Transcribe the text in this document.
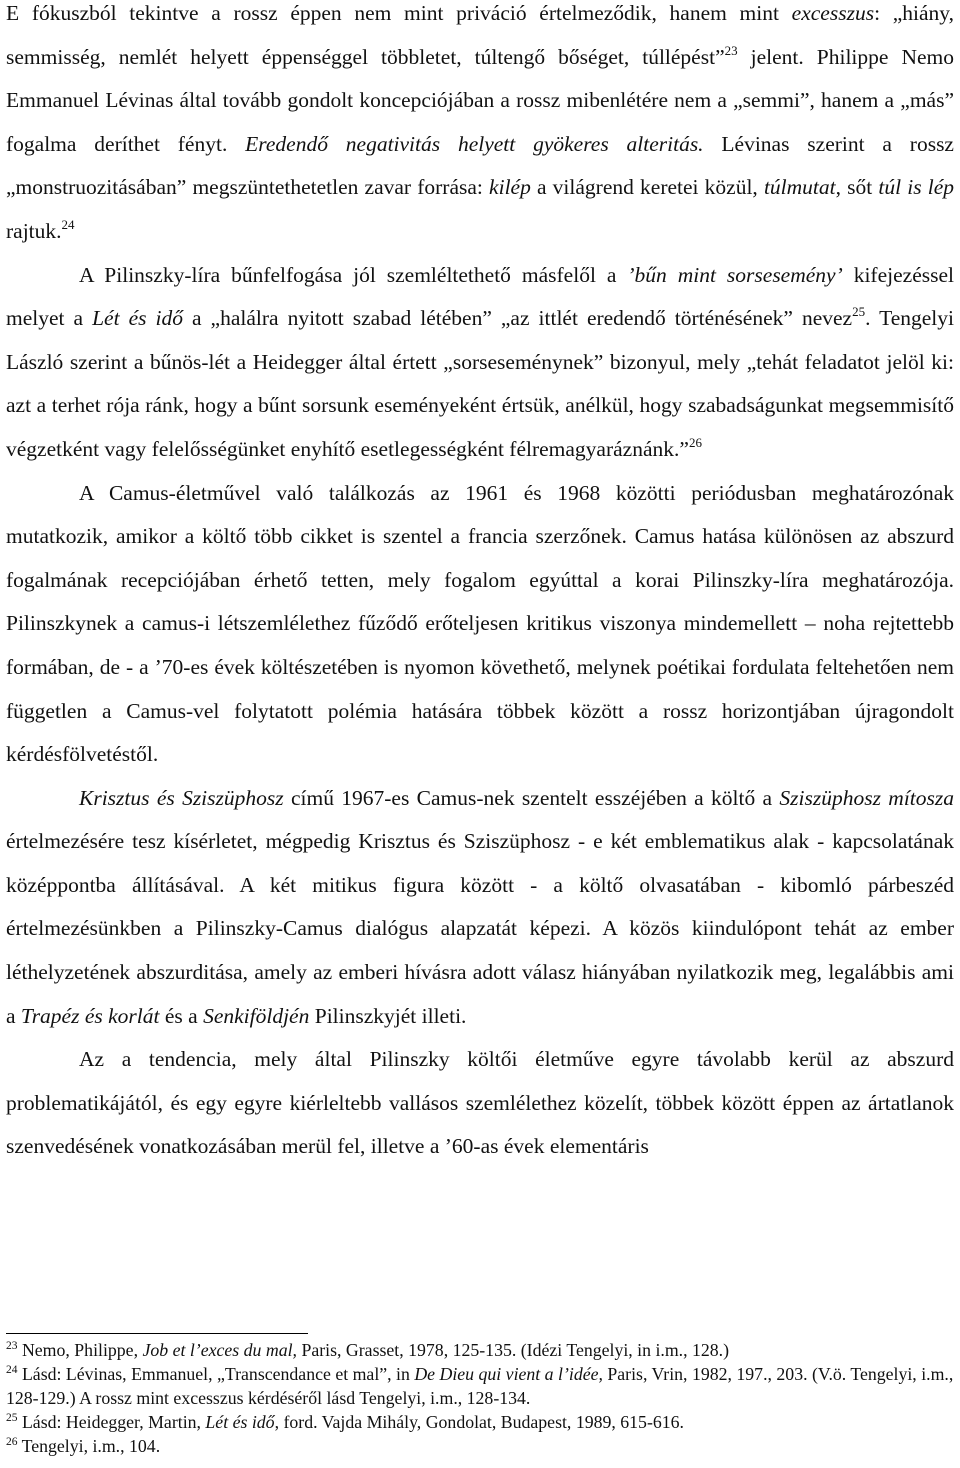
E fókuszból tekintve a rossz éppen nem mint priváció értelmeződik, hanem mint excesszus: „hiány, semmisség, nemlét helyett éppenséggel többletet, túltengő bőséget, túllépést”$^{23}$ jelent. Philippe Nemo Emmanuel Lévinas által tovább gondolt koncepciójában a rossz mibenlétére nem a „semmi”, hanem a „más” fogalma deríthet fényt. Eredendő negativitás helyett gyökeres alteritás. Lévinas szerint a rossz „monstruozitásában” megszüntethetetlen zavar forrása: kilép a világrend keretei közül, túlmutat, sőt túl is lép rajtuk.$^{24}$

A Pilinszky-líra bűnfelfogása jól szemléltethető másfelől a ’bűn mint sorsesemény’ kifejezéssel melyet a Lét és idő a „halálra nyitott szabad létében” „az ittlét eredendő történésének” nevez$^{25}$. Tengelyi László szerint a bűnös-lét a Heidegger által értett „sorseseménynek” bizonyul, mely „tehát feladatot jelöl ki: azt a terhet rója ránk, hogy a bűnt sorsunk eseményeként értsük, anélkül, hogy szabadságunkat megsemmisítő végzetként vagy felelősségünket enyhítő esetlegességként félremagyaráznánk.”$^{26}$

A Camus-életművel való találkozás az 1961 és 1968 közötti periódusban meghatározónak mutatkozik, amikor a költő több cikket is szentel a francia szerzőnek. Camus hatása különösen az abszurd fogalmának recepciójában érhető tetten, mely fogalom egyúttal a korai Pilinszky-líra meghatározója. Pilinszkynek a camus-i létszemlélethez fűződő erőteljesen kritikus viszonya mindemellett – noha rejtettebb formában, de - a ’70-es évek költészetében is nyomon követhető, melynek poétikai fordulata feltehetően nem független a Camus-vel folytatott polémia hatására többek között a rossz horizontjában újragondolt kérdésfölvetéstől.

Krisztus és Sziszüphosz című 1967-es Camus-nek szentelt esszéjében a költő a Sziszüphosz mítosza értelmezésére tesz kísérletet, mégpedig Krisztus és Sziszüphosz - e két emblematikus alak - kapcsolatának középpontba állításával. A két mitikus figura között - a költő olvasatában - kibomló párbeszéd értelmezésünkben a Pilinszky-Camus dialógus alapzatát képezi. A közös kiindulópont tehát az ember léthelyzetének abszurditása, amely az emberi hívásra adott válasz hiányában nyilatkozik meg, legalábbis ami a Trapéz és korlát és a Senkiföldjén Pilinszkyjét illeti.

Az a tendencia, mely által Pilinszky költői életműve egyre távolabb kerül az abszurd problematikájától, és egy egyre kiérleltebb vallásos szemlélethez közelít, többek között éppen az ártatlanok szenvedésének vonatkozásában merül fel, illetve a ’60-as évek elementáris

$^{23}$ Nemo, Philippe, Job et l’exces du mal, Paris, Grasset, 1978, 125-135. (Idézi Tengelyi, in i.m., 128.)

$^{24}$ Lásd: Lévinas, Emmanuel, „Transcendance et mal”, in De Dieu qui vient a l’idée, Paris, Vrin, 1982, 197., 203. (V.ö. Tengelyi, i.m., 128-129.) A rossz mint excesszus kérdéséről lásd Tengelyi, i.m., 128-134.

$^{25}$ Lásd: Heidegger, Martin, Lét és idő, ford. Vajda Mihály, Gondolat, Budapest, 1989, 615-616.

$^{26}$ Tengelyi, i.m., 104.
